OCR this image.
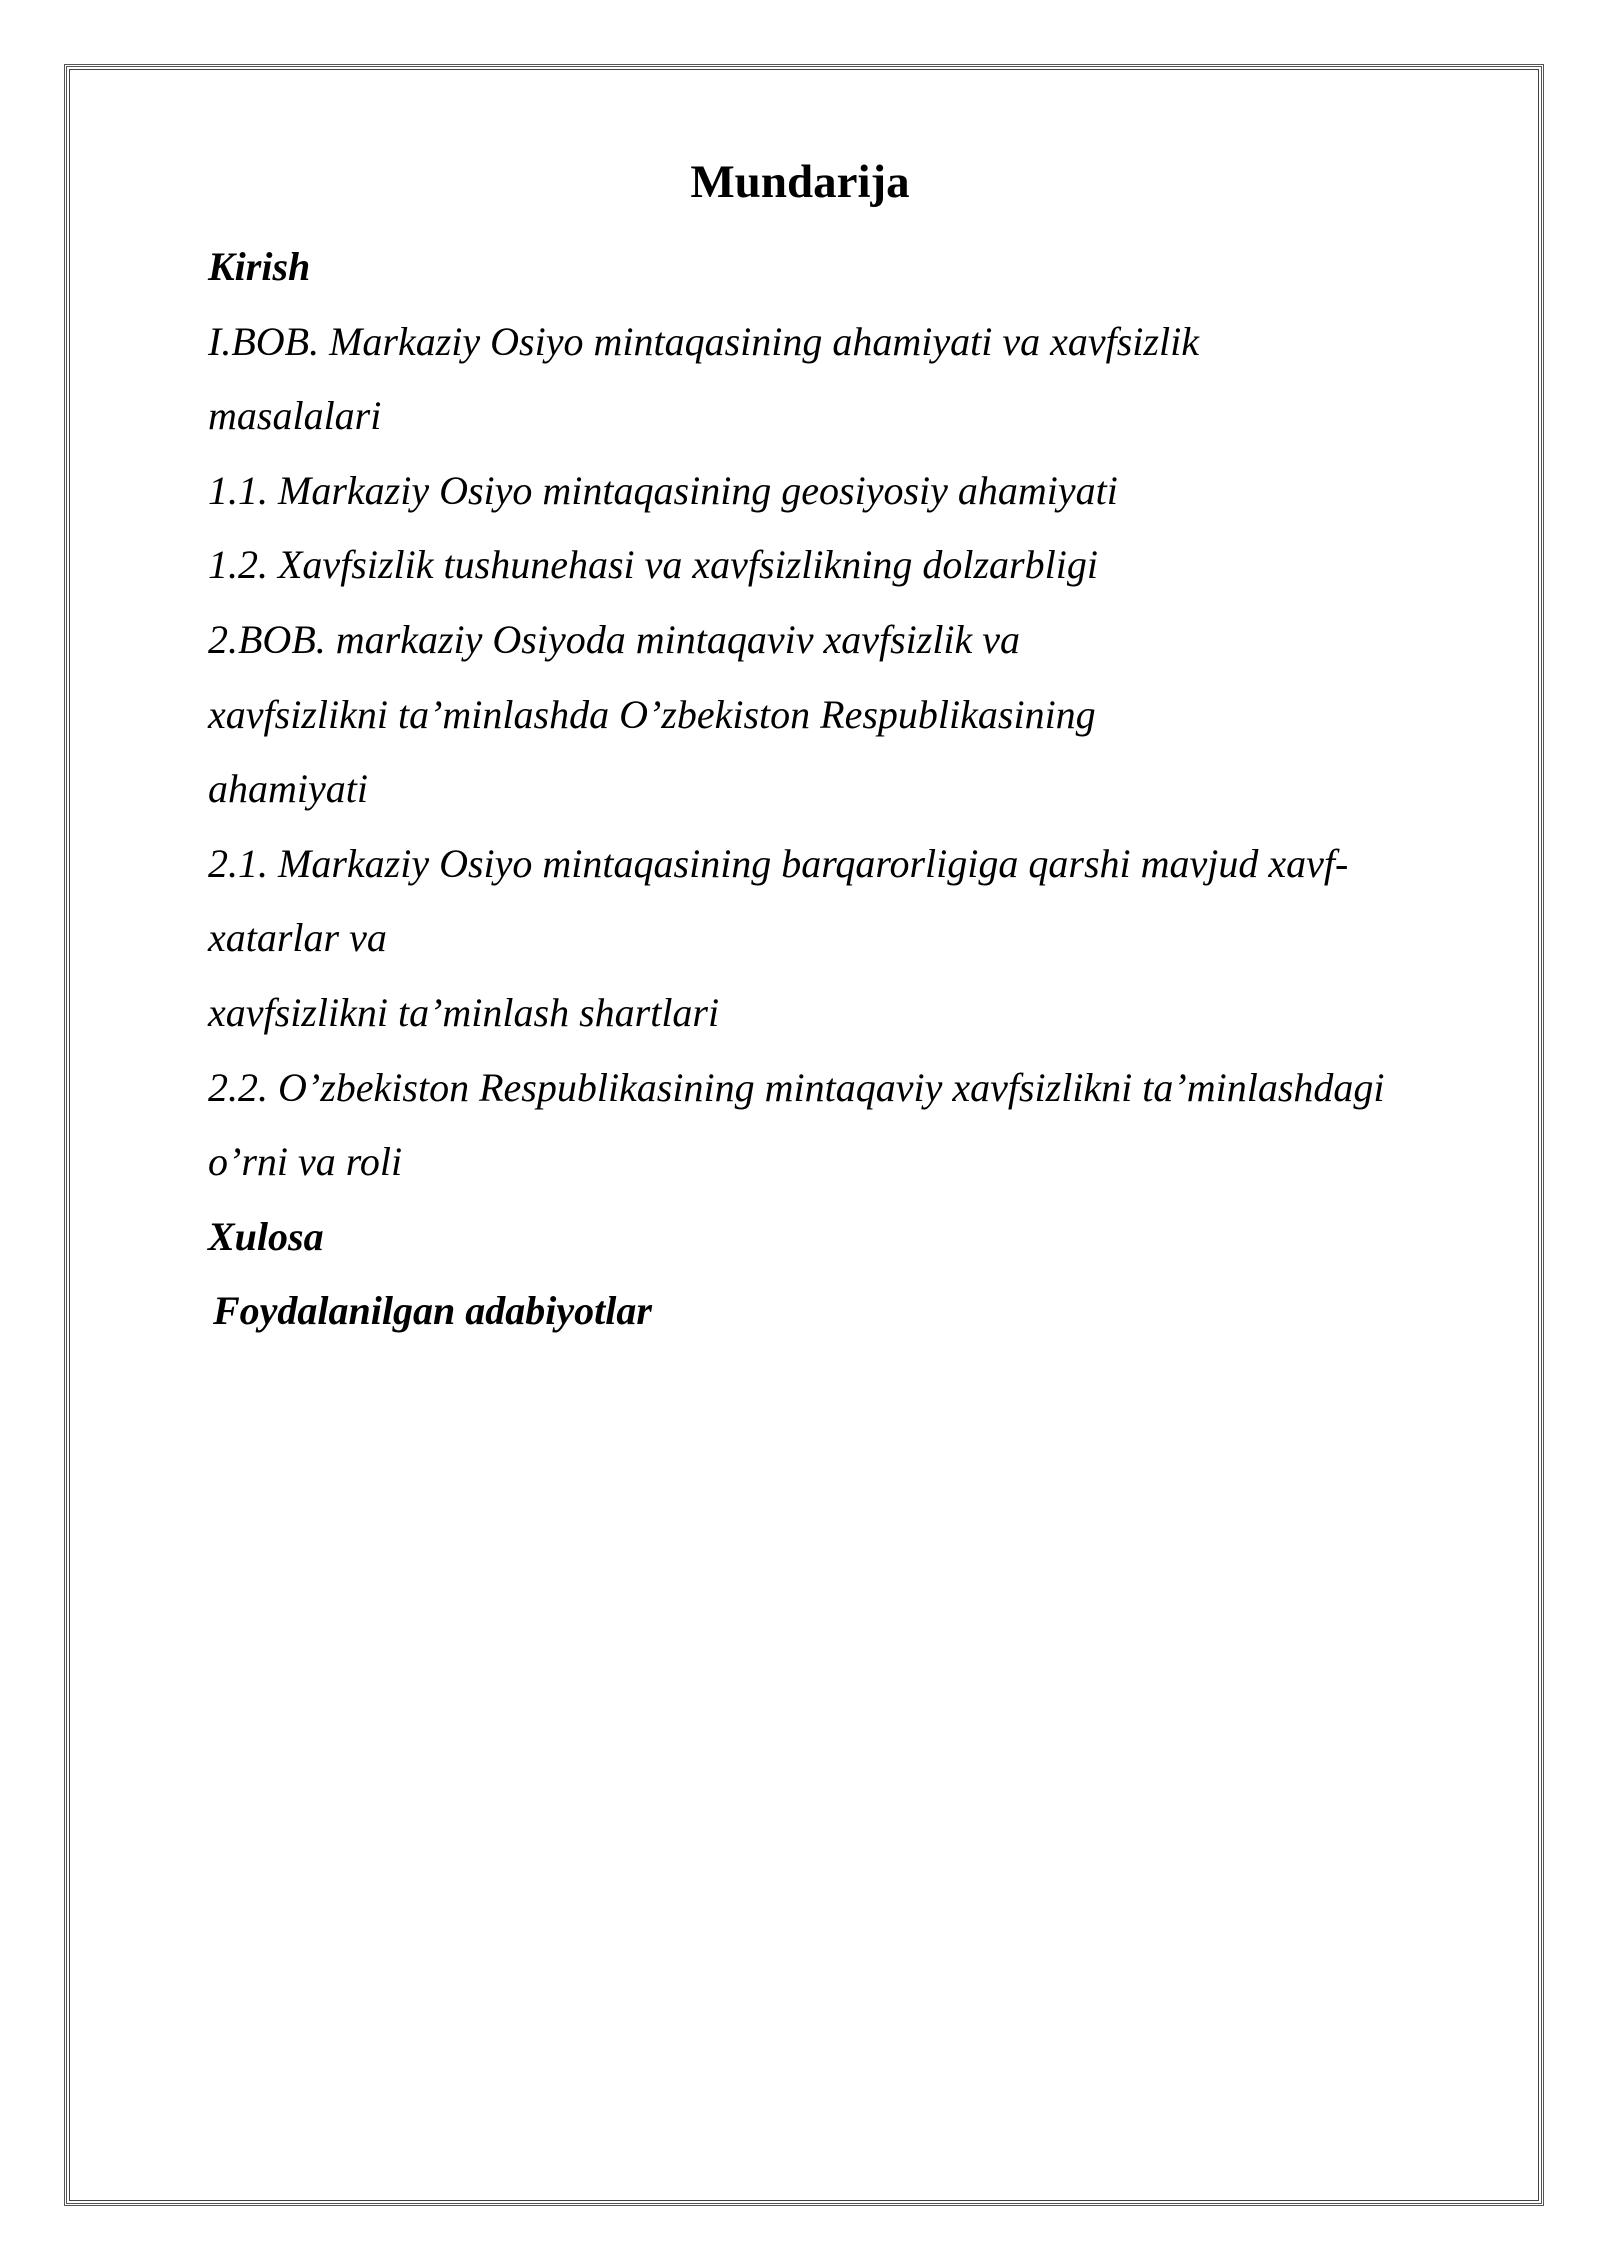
Mundarija
Kirish
I.BOB. Markaziy Osiyo mintaqasining ahamiyati va xavfsizlik
masalalari
1.1. Markaziy Osiyo mintaqasining geosiyosiy ahamiyati
1.2. Xavfsizlik tushunehasi va xavfsizlikning dolzarbligi
2.BOB. markaziy Osiyoda mintaqaviv xavfsizlik va
xavfsizlikni ta’minlashda O’zbekiston Respublikasining
ahamiyati
2.1. Markaziy Osiyo mintaqasining barqarorligiga qarshi mavjud xavf-
xatarlar va
xavfsizlikni ta’minlash shartlari
2.2. O’zbekiston Respublikasining mintaqaviy xavfsizlikni ta’minlashdagi
o’rni va roli
Xulosa
Foydalanilgan adabiyotlar
